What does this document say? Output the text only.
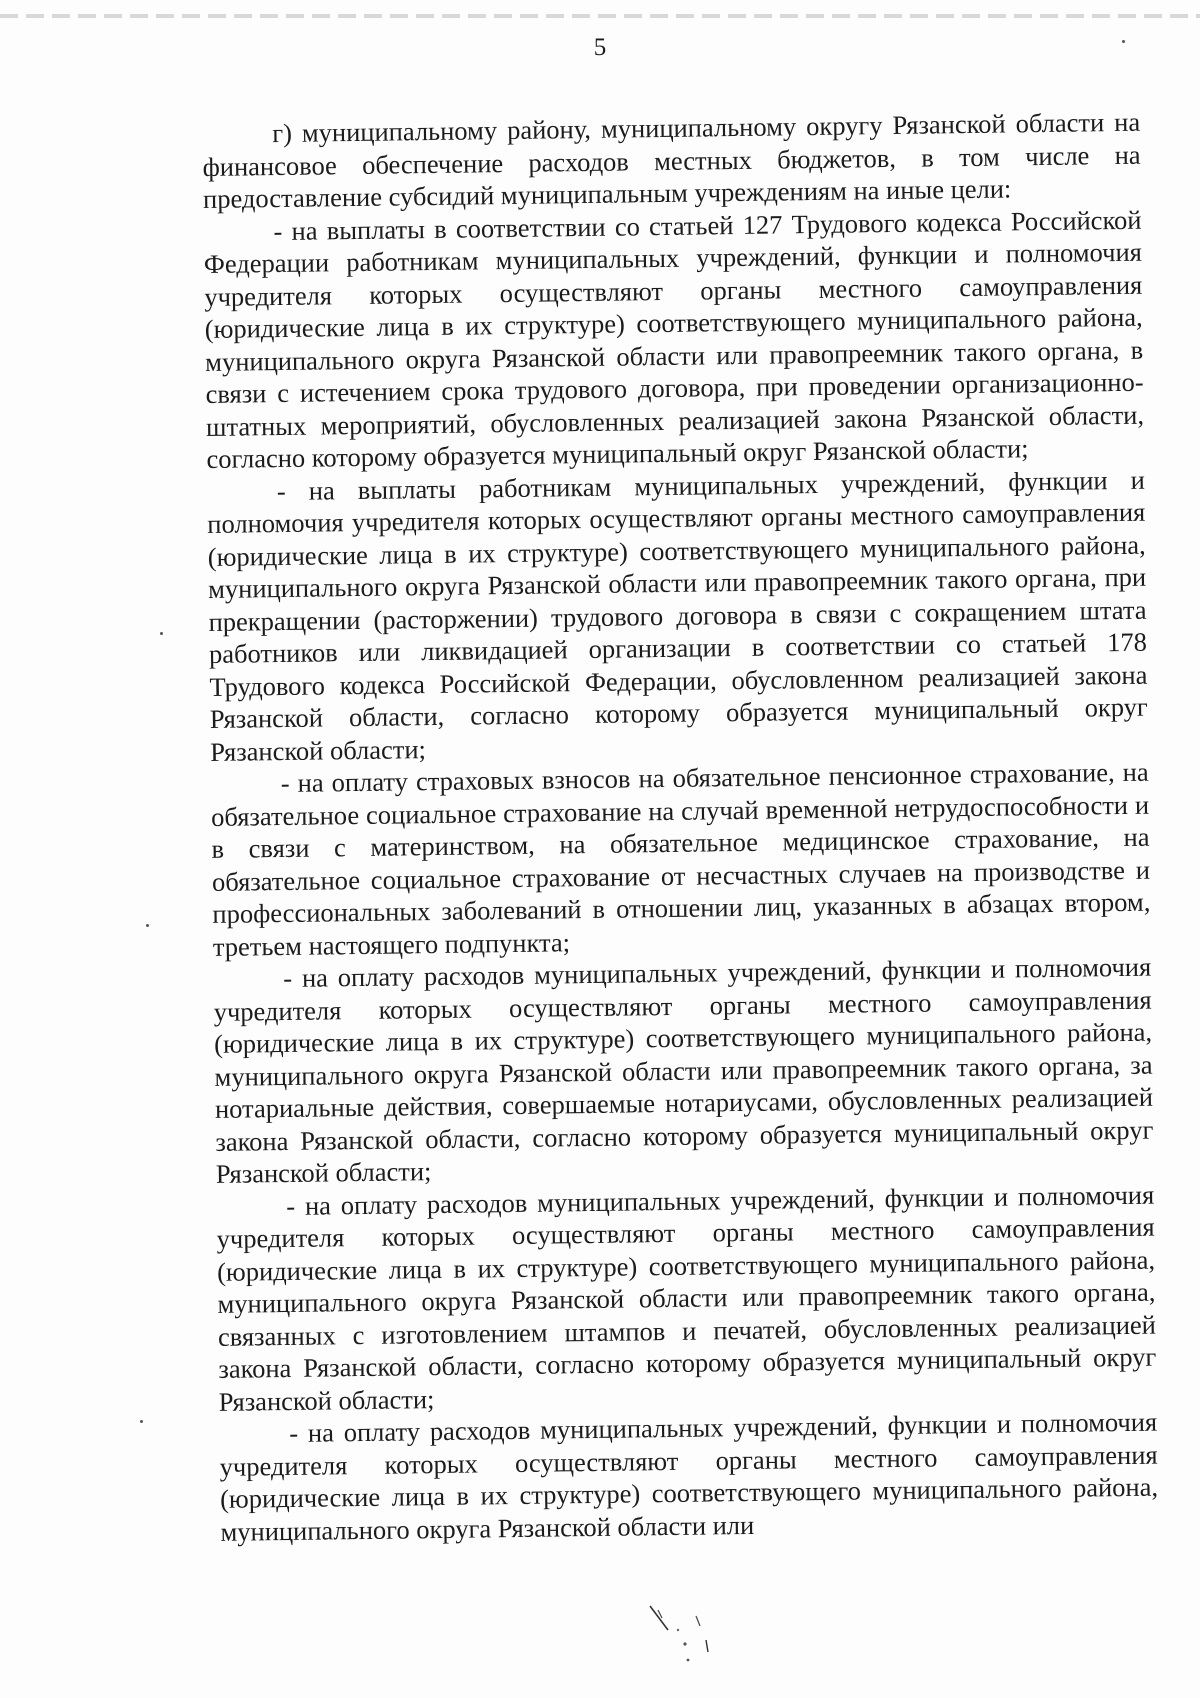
5

г) муниципальному району, муниципальному округу Рязанской области на финансовое обеспечение расходов местных бюджетов, в том числе на предоставление субсидий муниципальным учреждениям на иные цели:

- на выплаты в соответствии со статьей 127 Трудового кодекса Российской Федерации работникам муниципальных учреждений, функции и полномочия учредителя которых осуществляют органы местного самоуправления (юридические лица в их структуре) соответствующего муниципального района, муниципального округа Рязанской области или правопреемник такого органа, в связи с истечением срока трудового договора, при проведении организационно-штатных мероприятий, обусловленных реализацией закона Рязанской области, согласно которому образуется муниципальный округ Рязанской области;

- на выплаты работникам муниципальных учреждений, функции и полномочия учредителя которых осуществляют органы местного самоуправления (юридические лица в их структуре) соответствующего муниципального района, муниципального округа Рязанской области или правопреемник такого органа, при прекращении (расторжении) трудового договора в связи с сокращением штата работников или ликвидацией организации в соответствии со статьей 178 Трудового кодекса Российской Федерации, обусловленном реализацией закона Рязанской области, согласно которому образуется муниципальный округ Рязанской области;

- на оплату страховых взносов на обязательное пенсионное страхование, на обязательное социальное страхование на случай временной нетрудоспособности и в связи с материнством, на обязательное медицинское страхование, на обязательное социальное страхование от несчастных случаев на производстве и профессиональных заболеваний в отношении лиц, указанных в абзацах втором, третьем настоящего подпункта;

- на оплату расходов муниципальных учреждений, функции и полномочия учредителя которых осуществляют органы местного самоуправления (юридические лица в их структуре) соответствующего муниципального района, муниципального округа Рязанской области или правопреемник такого органа, за нотариальные действия, совершаемые нотариусами, обусловленных реализацией закона Рязанской области, согласно которому образуется муниципальный округ Рязанской области;

- на оплату расходов муниципальных учреждений, функции и полномочия учредителя которых осуществляют органы местного самоуправления (юридические лица в их структуре) соответствующего муниципального района, муниципального округа Рязанской области или правопреемник такого органа, связанных с изготовлением штампов и печатей, обусловленных реализацией закона Рязанской области, согласно которому образуется муниципальный округ Рязанской области;

- на оплату расходов муниципальных учреждений, функции и полномочия учредителя которых осуществляют органы местного самоуправления (юридические лица в их структуре) соответствующего муниципального района, муниципального округа Рязанской области или
